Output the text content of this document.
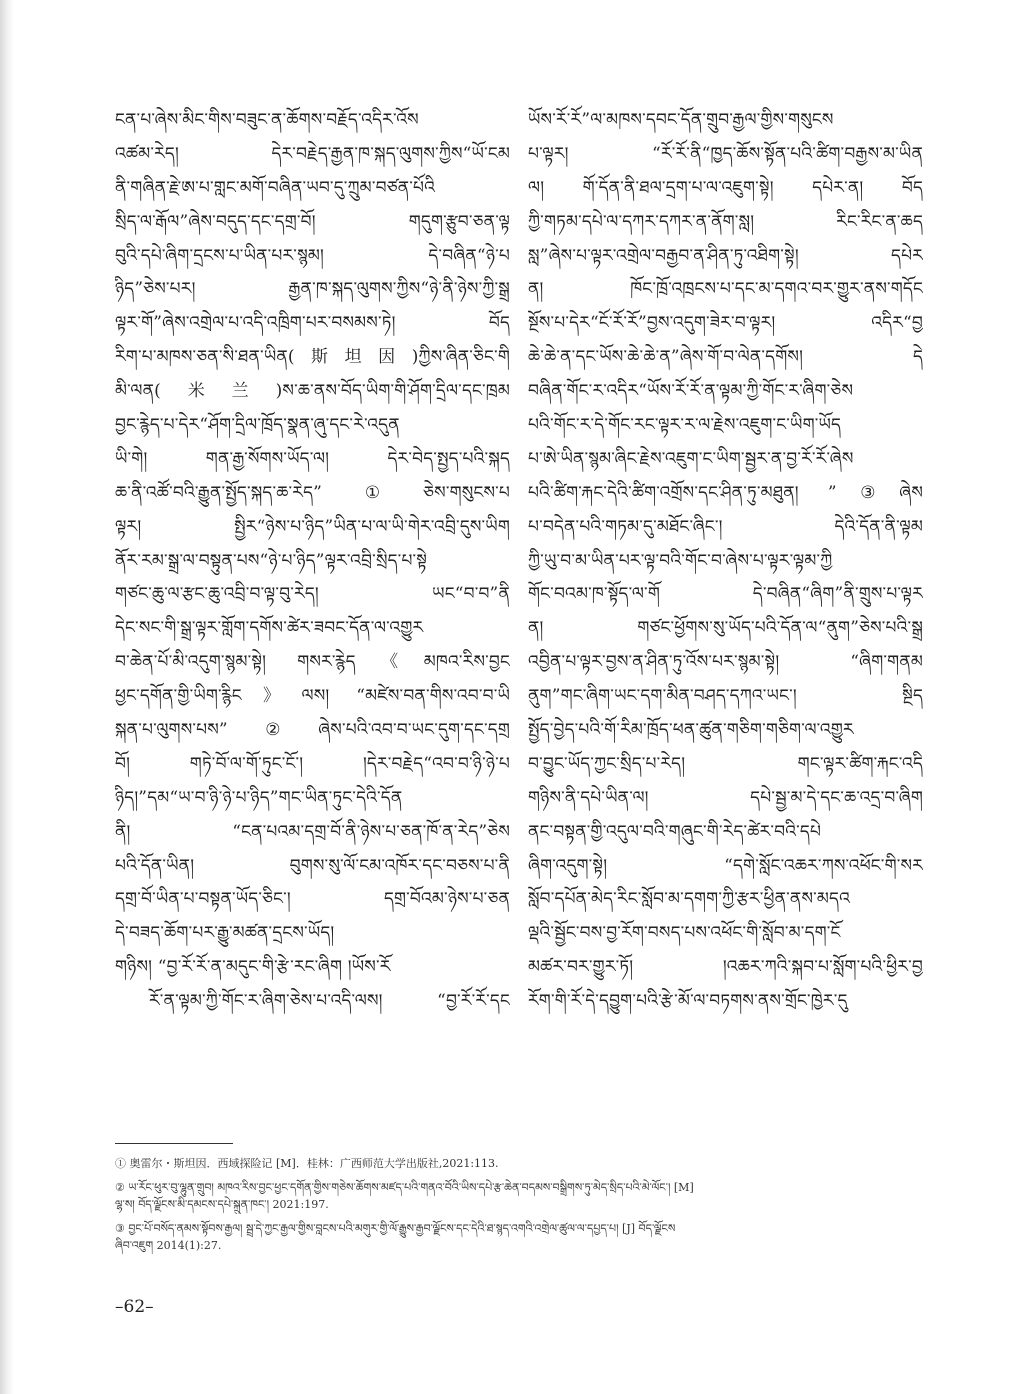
ངན་པ་ཞེས་མིང་གིས་བཟུང་ན་ཆོགས་བརྗོད་འདིར་འོས
འཚམ་རེད། དེར་བརྗེད་རྒྱན་ཁ་སྐད་ལུགས་ཀྱིས“ཡོ་ངམ
ནི་གཞིན་རྗེ་ཨ་པ་གླང་མགོ་བཞིན་ཡབ་དུ་ཀྲུམ་བཙན་པོའི
སྲིད་ལ་རྒོལ”ཞེས་བདུད་དང་དགྲ་བོ། གདུག་རྩུབ་ཅན་ལྟ
བུའི་དཔེ་ཞིག་དྲངས་པ་ཡིན་པར་སྙམ། དེ་བཞིན“ཉེ་པ
ཉིད”ཅེས་པར། རྒྱན་ཁ་སྐད་ལུགས་ཀྱིས“ཉེ་ནི་ཉེས་ཀྱི་སྒྲ
ལྟར་གོ”ཞེས་འགྲེལ་པ་འདི་འཁྲིག་པར་བསམས་ཏེ། བོད
རིག་པ་མཁས་ཅན་སི་ཐན་ཡིན(斯坦因)ཀྱིས་ཞིན་ཅིང་གི
མི་ལན(米兰)ས་ཆ་ནས་བོད་ཡིག་གི་ཤོག་དྲིལ་དང་ཁྲམ
བྱང་རྙེད་པ་དེར“ཤོག་དྲིལ་ཁྲོད་སྣན་ཞུ་དང་རེ་འདུན
ཡི་གེ། གན་རྒྱ་སོགས་ཡོད་ལ། དེར་བེད་སྤྱད་པའི་སྐད
ཆ་ནི་འཚོ་བའི་རྒྱུན་སྤྱོད་སྐད་ཆ་རེད”①ཅེས་གསུངས་པ
ལྟར། སྤྱིར“ཉེས་པ་ཉིད”ཡིན་པ་ལ་ཡི་གེར་འབྲི་དུས་ཡིག
ནོར་རམ་སྒྲ་ལ་བསྟུན་པས“ཉེ་པ་ཉིད”ལྟར་འབྲི་སྲིད་པ་སྟེ
གཙང་ཆུ་ལ་རྩང་ཆུ་འབྲི་བ་ལྟ་བུ་རེད། ཡང“བ་བ”ནི
དེང་སང་གི་སྒྲ་ལྟར་གློག་དགོས་ཚེར་ཟབང་དོན་ལ་འགྱུར
བ་ཆེན་པོ་མི་འདུག་སྙམ་སྟེ། གསར་རྙེད《མཁའ་རིས་བྱང
ཕྱང་དགོན་གྱི་ཡིག་རྙིང》ལས། “མཛེས་བན་གིས་འབ་བ་ཡི
སྐན་པ་ལུགས་པས”②ཞེས་པའི་འབ་བ་ཡང་དུག་དང་དགྲ
བོ། གཏེ་བོ་ལ་གོ་ཏུང་ངོ་། །དེར་བརྗེད“འབ་བ་ཉི་ཉེ་པ
ཉིད།”དམ“ཡ་བ་ཉི་ཉེ་པ་ཉིད”གང་ཡིན་ཏུང་དེའི་དོན
ནི། “ངན་པའམ་དགྲ་བོ་ནི་ཉེས་པ་ཅན་ཁོ་ན་རེད”ཅེས
པའི་དོན་ཡིན། བུགས་སུ་ལོ་ངམ་འཁོར་དང་བཅས་པ་ནི
དགྲ་བོ་ཡིན་པ་བསྟན་ཡོད་ཅིང་། དགྲ་བོའམ་ཉེས་པ་ཅན
དེ་བཟད་ཆོག་པར་རྒྱུ་མཚན་དྲངས་ཡོད།
གཉིས། “བྱ་རོ་རོ་ན་མདུང་གི་རྩེ་རང་ཞིག །ཡོས་རོ
རོ་ན་ལྟམ་ཀྱི་གོང་ར་ཞིག་ཅེས་པ་འདི་ལས། “བྱ་རོ་རོ་དང
ཡོས་རོ་རོ”ལ་མཁས་དབང་དོན་གྲུབ་རྒྱལ་གྱིས་གསུངས
པ་ལྟར། “རོ་རོ་ནི“ཁྱད་ཆོས་སྟོན་པའི་ཚིག་བརྒྱས་མ་ཡིན
ལ། གོ་དོན་ནི་ཐལ་དྲག་པ་ལ་འཇུག་སྟེ། དཔེར་ན། བོད
ཀྱི་གཏམ་དཔེ་ལ་དཀར་དཀར་ན་ནོག་སླ། རིང་རིང་ན་ཆད
སླ”ཞེས་པ་ལྟར་འགྲེལ་བརྒྱབ་ན་ཤིན་ཏུ་འཐིག་སྟེ། དཔེར
ན། ཁོང་ཁྲོ་འཁྲངས་པ་དང་མ་དགའ་བར་གྱུར་ནས་གདོང
སྔོས་པ་དེར“ངོ་རོ་རོ”བྱས་འདུག་ཟེར་བ་ལྟར། འདིར“བྱ
ཆེ་ཆེ་ན་དང་ཡོས་ཆེ་ཆེ་ན”ཞེས་གོ་བ་ལེན་དགོས། དེ
བཞིན་གོང་ར་འདིར“ཡོས་རོ་རོ་ན་ལྟམ་ཀྱི་གོང་ར་ཞིག་ཅེས
པའི་གོང་ར་དེ་གོང་རང་ལྟར་ར་ལ་རྗེས་འཇུག་ང་ཡིག་ཡོད
པ་ཨེ་ཡིན་སྙམ་ཞིང་རྗེས་འཇུག་ང་ཡིག་སྦྱར་ན་བྱ་རོ་རོ་ཞེས
པའི་ཚིག་རྐང་དེའི་ཚིག་འགྲོས་དང་ཤིན་ཏུ་མཐུན། ”③ཞེས
པ་བདེན་པའི་གཏམ་དུ་མཐོང་ཞིང་། དེའི་དོན་ནི་ལྟམ
ཀྱི་ཡུ་བ་མ་ཡིན་པར་ལྟ་བའི་གོང་བ་ཞེས་པ་ལྟར་ལྟམ་ཀྱི
གོང་བའམ་ཁ་སྟོད་ལ་གོ དེ་བཞིན“ཞིག”ནི་གྲུས་པ་ལྟར
ན། གཙང་ཕྱོགས་སུ་ཡོད་པའི་དོན་ལ“ནུག”ཅེས་པའི་སྒྲ
འབྱིན་པ་ལྟར་བྱས་ན་ཤིན་ཏུ་འོས་པར་སྙམ་སྟེ། “ཞིག་གནམ
ནུག”གང་ཞིག་ཡང་དག་མིན་བཤད་དཀའ་ཡང་། སྔིད
སྤྱོད་བྱེད་པའི་གོ་རིམ་ཁྲོད་ཕན་ཚུན་གཅིག་གཅིག་ལ་འགྱུར
བ་བྱུང་ཡོད་ཀྱང་སྲིད་པ་རེད། གང་ལྟར་ཚིག་རྐང་འདི
གཉིས་ནི་དཔེ་ཡིན་ལ། དཔེ་སྦྱ་མ་དེ་དང་ཆ་འདྲ་བ་ཞིག
ནང་བསྟན་གྱི་འདུལ་བའི་གཞུང་གི་རེད་ཚེར་བའི་དཔེ
ཞིག་འདུག་སྟེ། “དགེ་སློང་འཆར་ཀས་འཕོང་གི་སར
སློབ་དཔོན་མེད་རིང་སློབ་མ་དགག་ཀྱི་རྩར་ཕྱིན་ནས་མདའ
ལྡའི་སྦྱོང་བས་བྱ་རོག་བསད་པས་འཕོང་གི་སློབ་མ་དག་ངོ
མཚར་བར་གྱུར་ཏོ། །འཆར་ཀའི་སྐབ་པ་སློག་པའི་ཕྱིར་བྱ
རོག་གི་རོ་དེ་དབྱུག་པའི་རྩེ་མོ་ལ་བཏགས་ནས་གྲོང་ཁྱེར་དུ
① 奥雷尔・斯坦因．西域探险记 [M]．桂林：广西师范大学出版社,2021:113.
② ཡ་རོང་ཕུར་བུ་ལྷུན་གྲུབ། མཁའ་རིས་བྱང་ཕྱང་དགོན་གྱིས་གཅེས་ཆོགས་མཛད་པའི་གནའ་བོའི་ཡིས་དཔེ་རྩ་ཆེན་བདམས་བསྒྲིགས་ཏུ་མེད་སྲིད་པའི་མེ་ལོང་། [M]
ལྷ་ས། བོད་ལྗོངས་མི་དམངས་དཔེ་སྐྲུན་ཁང་། 2021:197.
③ བྱང་པོ་བསོད་ནམས་སྟོབས་རྒྱལ། སྦྲ་དེ་ཀྱང་རྒྱལ་གྱིས་བླངས་པའི་མགུར་གྱི་ལོ་རྒྱུས་རྒྱབ་ལྗོངས་དང་དེའི་ཐ་སྙད་འགའི་འགྲེལ་ཚུལ་ལ་དཔྱད་པ། [J] བོད་ལྗོངས
ཞིབ་འཇུག 2014(1):27.
–62–
